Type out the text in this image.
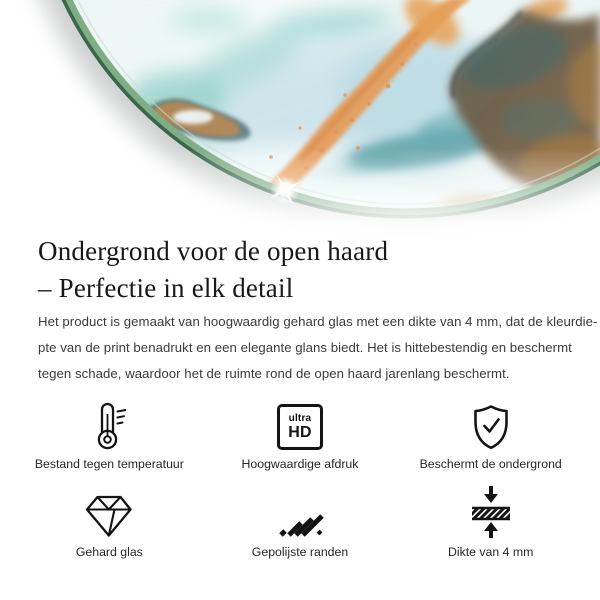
Ondergrond voor de open haard
– Perfectie in elk detail

Het product is gemaakt van hoogwaardig gehard glas met een dikte van 4 mm, dat de kleurdie-
pte van de print benadrukt en een elegante glans biedt. Het is hittebestendig en beschermt
tegen schade, waardoor het de ruimte rond de open haard jarenlang beschermt.

Bestand tegen temperatuur
ultra
HD
Hoogwaardige afdruk	Beschermt de ondergrond
Gehard glas	Gepolijste randen	Dikte van 4 mm
